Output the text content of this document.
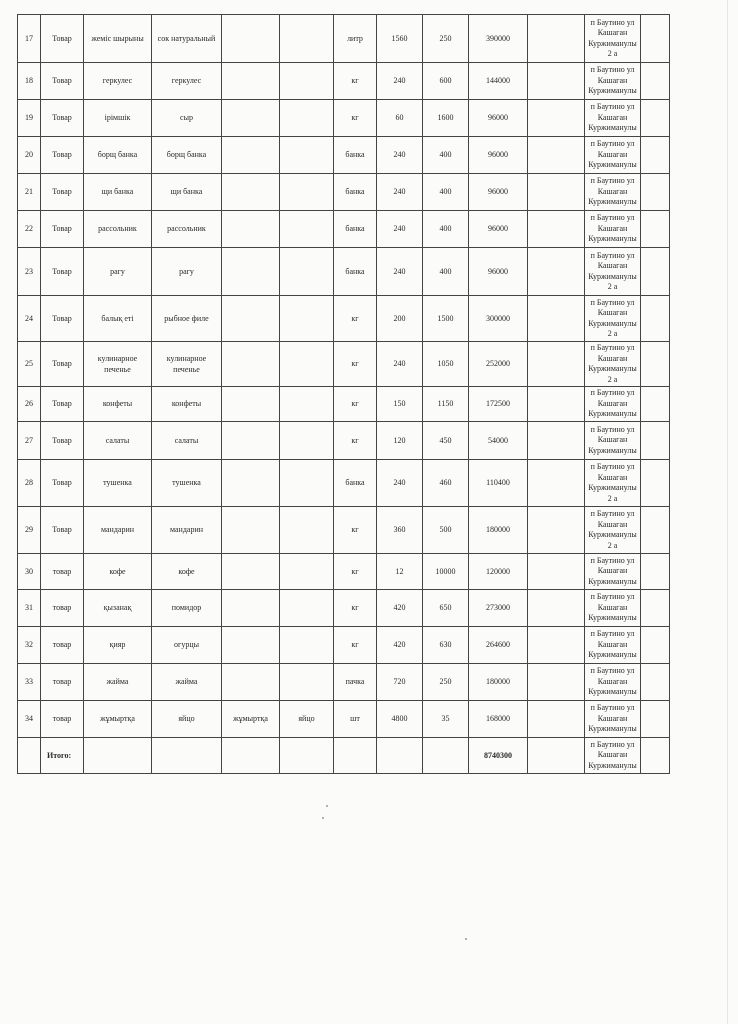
17	Товар	жеміс шырыны	сок натуральный			литр	1560	250	390000		п Баутино ул
Кашаган
Куржиманулы
2 а	

18	Товар	геркулес	геркулес			кг	240	600	144000		п Баутино ул
Кашаган
Куржиманулы	

19	Товар	ірімшік	сыр			кг	60	1600	96000		п Баутино ул
Кашаган
Куржиманулы	

20	Товар	борщ банка	борщ банка			банка	240	400	96000		п Баутино ул
Кашаган
Куржиманулы	

21	Товар	щи банка	щи банка			банка	240	400	96000		п Баутино ул
Кашаган
Куржиманулы	

22	Товар	рассольник	рассольник			банка	240	400	96000		п Баутино ул
Кашаган
Куржиманулы	

23	Товар	рагу	рагу			банка	240	400	96000		п Баутино ул
Кашаган
Куржиманулы
2 а	

24	Товар	балық еті	рыбное филе			кг	200	1500	300000		п Баутино ул
Кашаган
Куржиманулы
2 а	

25	Товар	кулинарное печенье	кулинарное печенье			кг	240	1050	252000		п Баутино ул
Кашаган
Куржиманулы
2 а	

26	Товар	конфеты	конфеты			кг	150	1150	172500		п Баутино ул
Кашаган
Куржиманулы	

27	Товар	салаты	салаты			кг	120	450	54000		п Баутино ул
Кашаган
Куржиманулы	

28	Товар	тушенка	тушенка			банка	240	460	110400		п Баутино ул
Кашаган
Куржиманулы
2 а	

29	Товар	мандарин	мандарин			кг	360	500	180000		п Баутино ул
Кашаган
Куржиманулы
2 а	

30	товар	кофе	кофе			кг	12	10000	120000		п Баутино ул
Кашаган
Куржиманулы	

31	товар	қызанақ	помидор			кг	420	650	273000		п Баутино ул
Кашаган
Куржиманулы	

32	товар	қияр	огурцы			кг	420	630	264600		п Баутино ул
Кашаган
Куржиманулы	

33	товар	жайма	жайма			пачка	720	250	180000		п Баутино ул
Кашаган
Куржиманулы	

34	товар	жұмыртқа	яйцо	жұмыртқа	яйцо	шт	4800	35	168000		п Баутино ул
Кашаган
Куржиманулы	

	Итого:								8740300		п Баутино ул
Кашаган
Куржиманулы	
